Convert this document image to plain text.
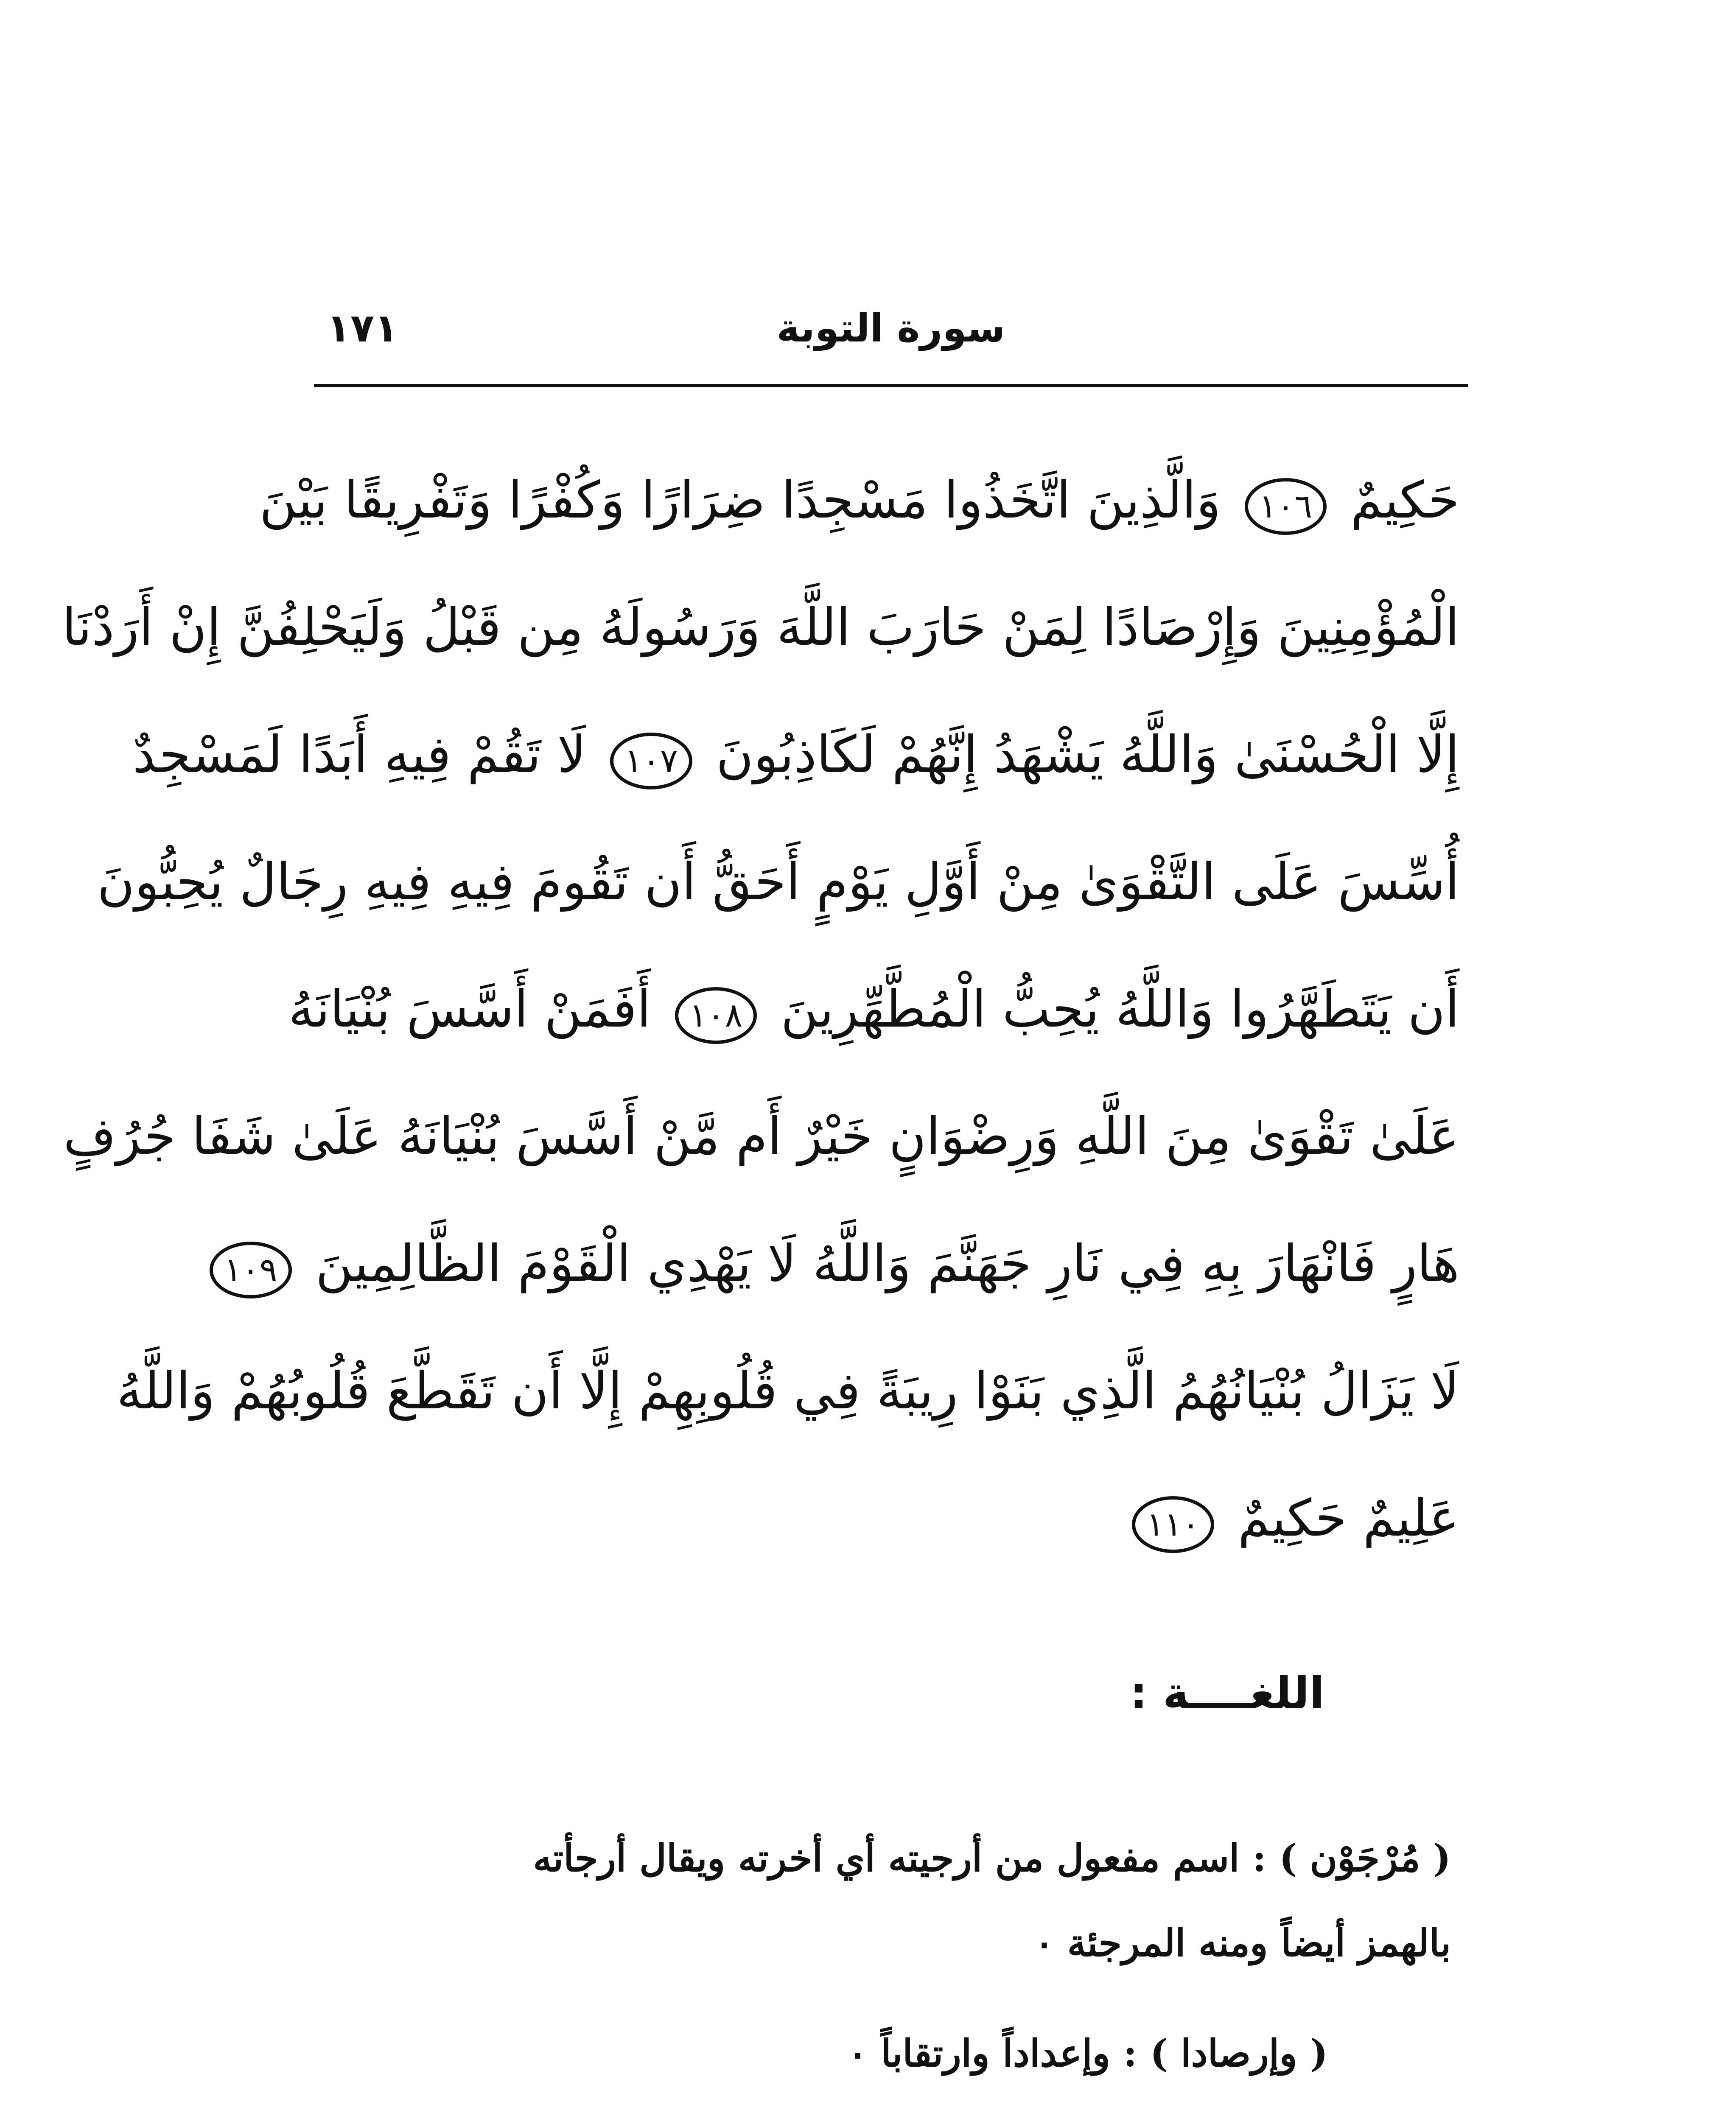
١٧١	سورة التوبة
حَكِيمٌ ١٠٦ وَالَّذِينَ اتَّخَذُوا مَسْجِدًا ضِرَارًا وَكُفْرًا وَتَفْرِيقًا بَيْنَ
الْمُؤْمِنِينَ وَإِرْصَادًا لِمَنْ حَارَبَ اللَّهَ وَرَسُولَهُ مِن قَبْلُ وَلَيَحْلِفُنَّ إِنْ أَرَدْنَا
إِلَّا الْحُسْنَىٰ وَاللَّهُ يَشْهَدُ إِنَّهُمْ لَكَاذِبُونَ ١٠٧ لَا تَقُمْ فِيهِ أَبَدًا لَمَسْجِدٌ
أُسِّسَ عَلَى التَّقْوَىٰ مِنْ أَوَّلِ يَوْمٍ أَحَقُّ أَن تَقُومَ فِيهِ فِيهِ رِجَالٌ يُحِبُّونَ
أَن يَتَطَهَّرُوا وَاللَّهُ يُحِبُّ الْمُطَّهِّرِينَ ١٠٨ أَفَمَنْ أَسَّسَ بُنْيَانَهُ
عَلَىٰ تَقْوَىٰ مِنَ اللَّهِ وَرِضْوَانٍ خَيْرٌ أَم مَّنْ أَسَّسَ بُنْيَانَهُ عَلَىٰ شَفَا جُرُفٍ
هَارٍ فَانْهَارَ بِهِ فِي نَارِ جَهَنَّمَ وَاللَّهُ لَا يَهْدِي الْقَوْمَ الظَّالِمِينَ ١٠٩
لَا يَزَالُ بُنْيَانُهُمُ الَّذِي بَنَوْا رِيبَةً فِي قُلُوبِهِمْ إِلَّا أَن تَقَطَّعَ قُلُوبُهُمْ وَاللَّهُ
عَلِيمٌ حَكِيمٌ ١١٠
اللغــــة :
( مُرْجَوْن ) : اسم مفعول من أرجيته أي أخرته ويقال أرجأته
بالهمز أيضاً ومنه المرجئة ٠
( وإرصادا ) : وإعداداً وارتقاباً ٠
